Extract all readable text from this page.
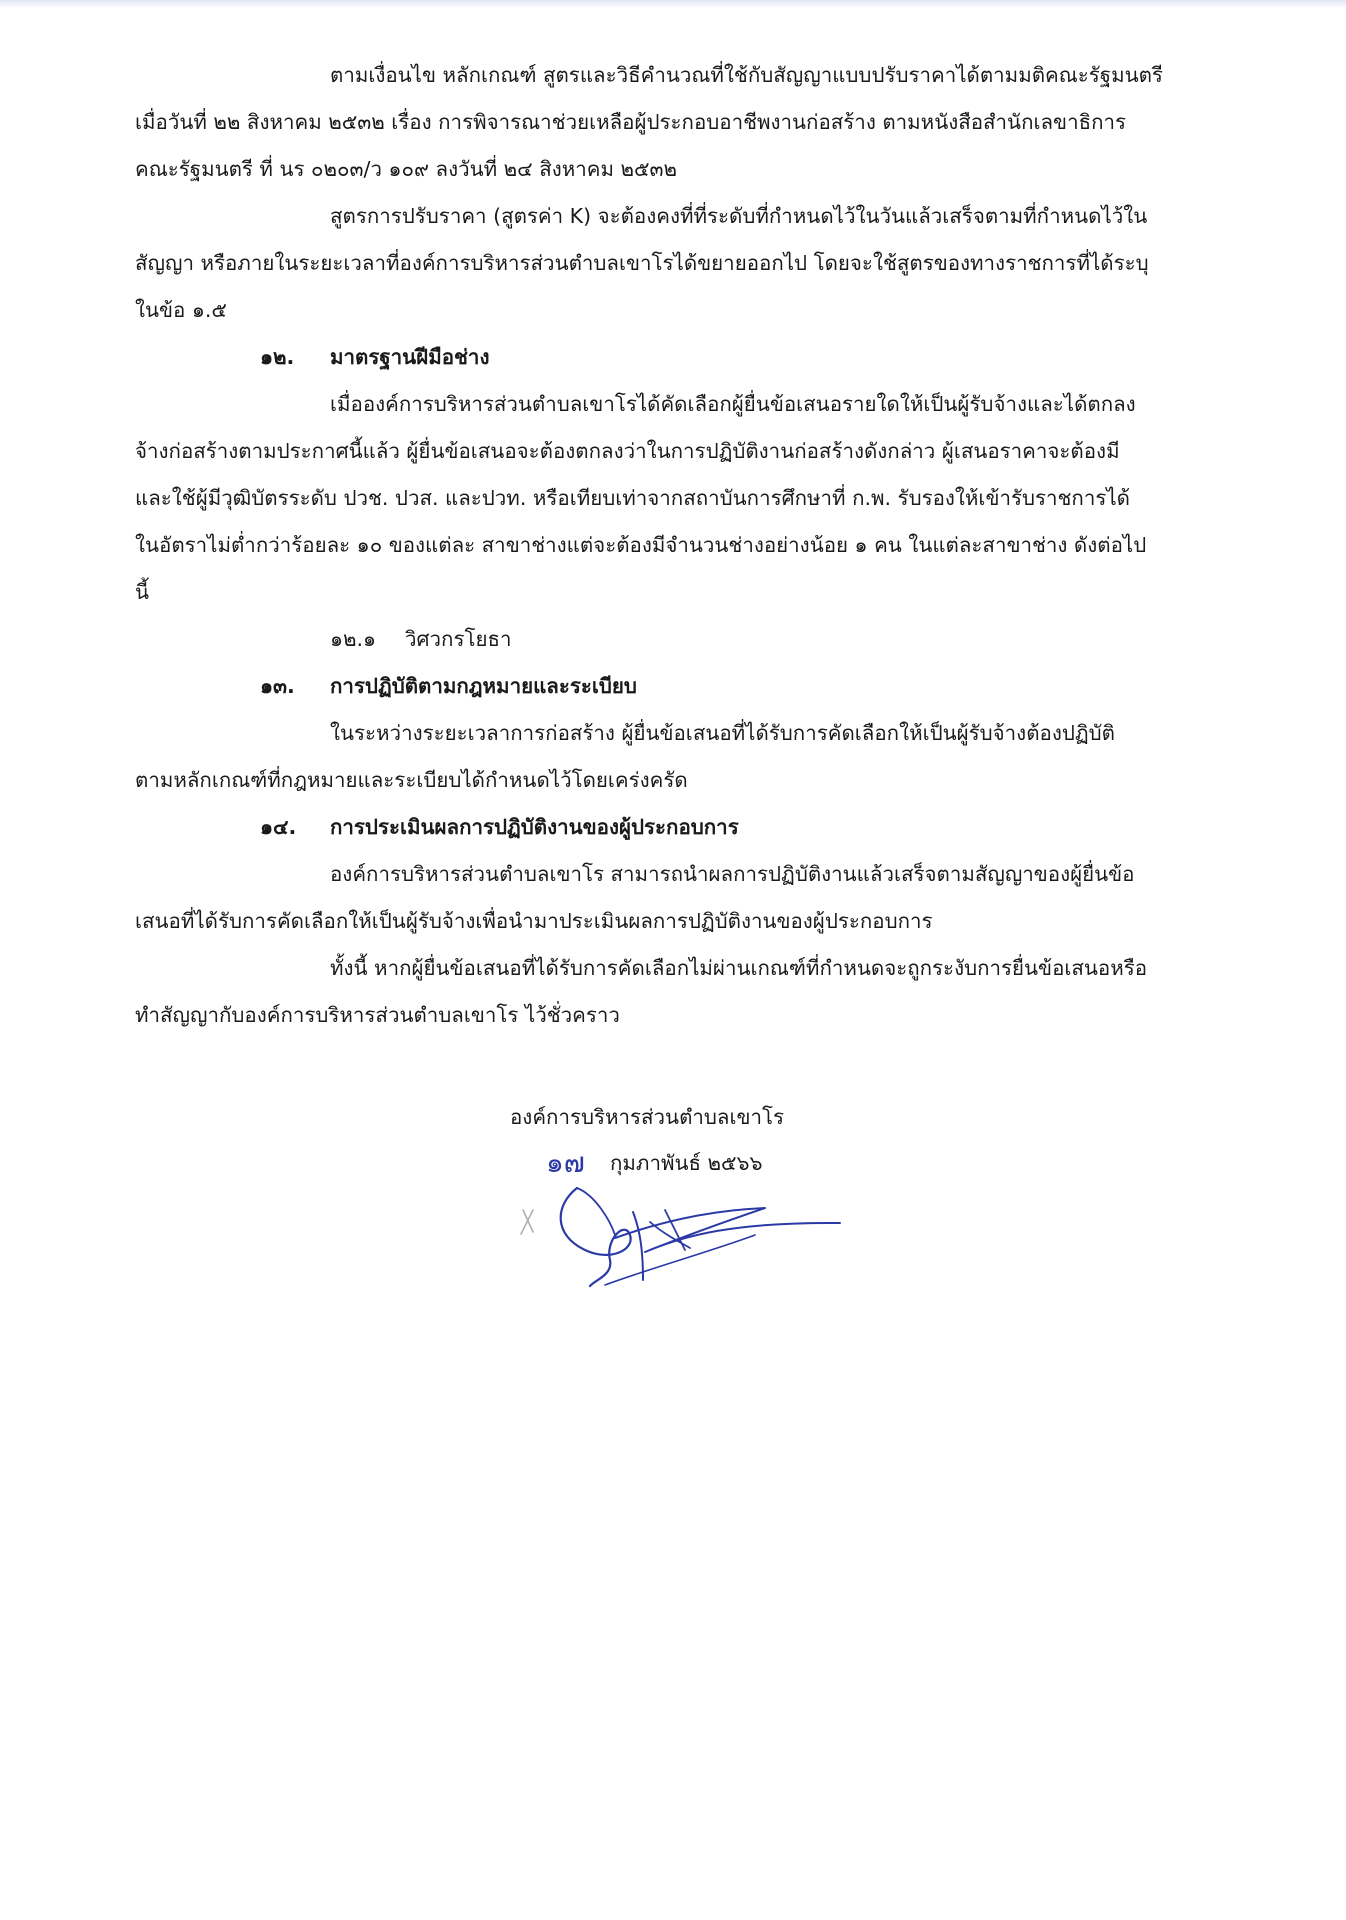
ตามเงื่อนไข หลักเกณฑ์ สูตรและวิธีคำนวณที่ใช้กับสัญญาแบบปรับราคาได้ตามมติคณะรัฐมนตรี
เมื่อวันที่ ๒๒ สิงหาคม ๒๕๓๒ เรื่อง การพิจารณาช่วยเหลือผู้ประกอบอาชีพงานก่อสร้าง ตามหนังสือสำนักเลขาธิการ
คณะรัฐมนตรี ที่ นร ๐๒๐๓/ว ๑๐๙ ลงวันที่ ๒๔ สิงหาคม ๒๕๓๒
สูตรการปรับราคา (สูตรค่า K) จะต้องคงที่ที่ระดับที่กำหนดไว้ในวันแล้วเสร็จตามที่กำหนดไว้ใน
สัญญา หรือภายในระยะเวลาที่องค์การบริหารส่วนตำบลเขาโรได้ขยายออกไป โดยจะใช้สูตรของทางราชการที่ได้ระบุ
ในข้อ ๑.๕
๑๒. มาตรฐานฝีมือช่าง
เมื่อองค์การบริหารส่วนตำบลเขาโรได้คัดเลือกผู้ยื่นข้อเสนอรายใดให้เป็นผู้รับจ้างและได้ตกลง
จ้างก่อสร้างตามประกาศนี้แล้ว ผู้ยื่นข้อเสนอจะต้องตกลงว่าในการปฏิบัติงานก่อสร้างดังกล่าว ผู้เสนอราคาจะต้องมี
และใช้ผู้มีวุฒิบัตรระดับ ปวช. ปวส. และปวท. หรือเทียบเท่าจากสถาบันการศึกษาที่ ก.พ. รับรองให้เข้ารับราชการได้
ในอัตราไม่ต่ำกว่าร้อยละ ๑๐ ของแต่ละ สาขาช่างแต่จะต้องมีจำนวนช่างอย่างน้อย ๑ คน ในแต่ละสาขาช่าง ดังต่อไป
นี้
๑๒.๑ วิศวกรโยธา
๑๓. การปฏิบัติตามกฎหมายและระเบียบ
ในระหว่างระยะเวลาการก่อสร้าง ผู้ยื่นข้อเสนอที่ได้รับการคัดเลือกให้เป็นผู้รับจ้างต้องปฏิบัติ
ตามหลักเกณฑ์ที่กฎหมายและระเบียบได้กำหนดไว้โดยเคร่งครัด
๑๔. การประเมินผลการปฏิบัติงานของผู้ประกอบการ
องค์การบริหารส่วนตำบลเขาโร สามารถนำผลการปฏิบัติงานแล้วเสร็จตามสัญญาของผู้ยื่นข้อ
เสนอที่ได้รับการคัดเลือกให้เป็นผู้รับจ้างเพื่อนำมาประเมินผลการปฏิบัติงานของผู้ประกอบการ
ทั้งนี้ หากผู้ยื่นข้อเสนอที่ได้รับการคัดเลือกไม่ผ่านเกณฑ์ที่กำหนดจะถูกระงับการยื่นข้อเสนอหรือ
ทำสัญญากับองค์การบริหารส่วนตำบลเขาโร ไว้ชั่วคราว
องค์การบริหารส่วนตำบลเขาโร
๑๗ กุมภาพันธ์ ๒๕๖๖
